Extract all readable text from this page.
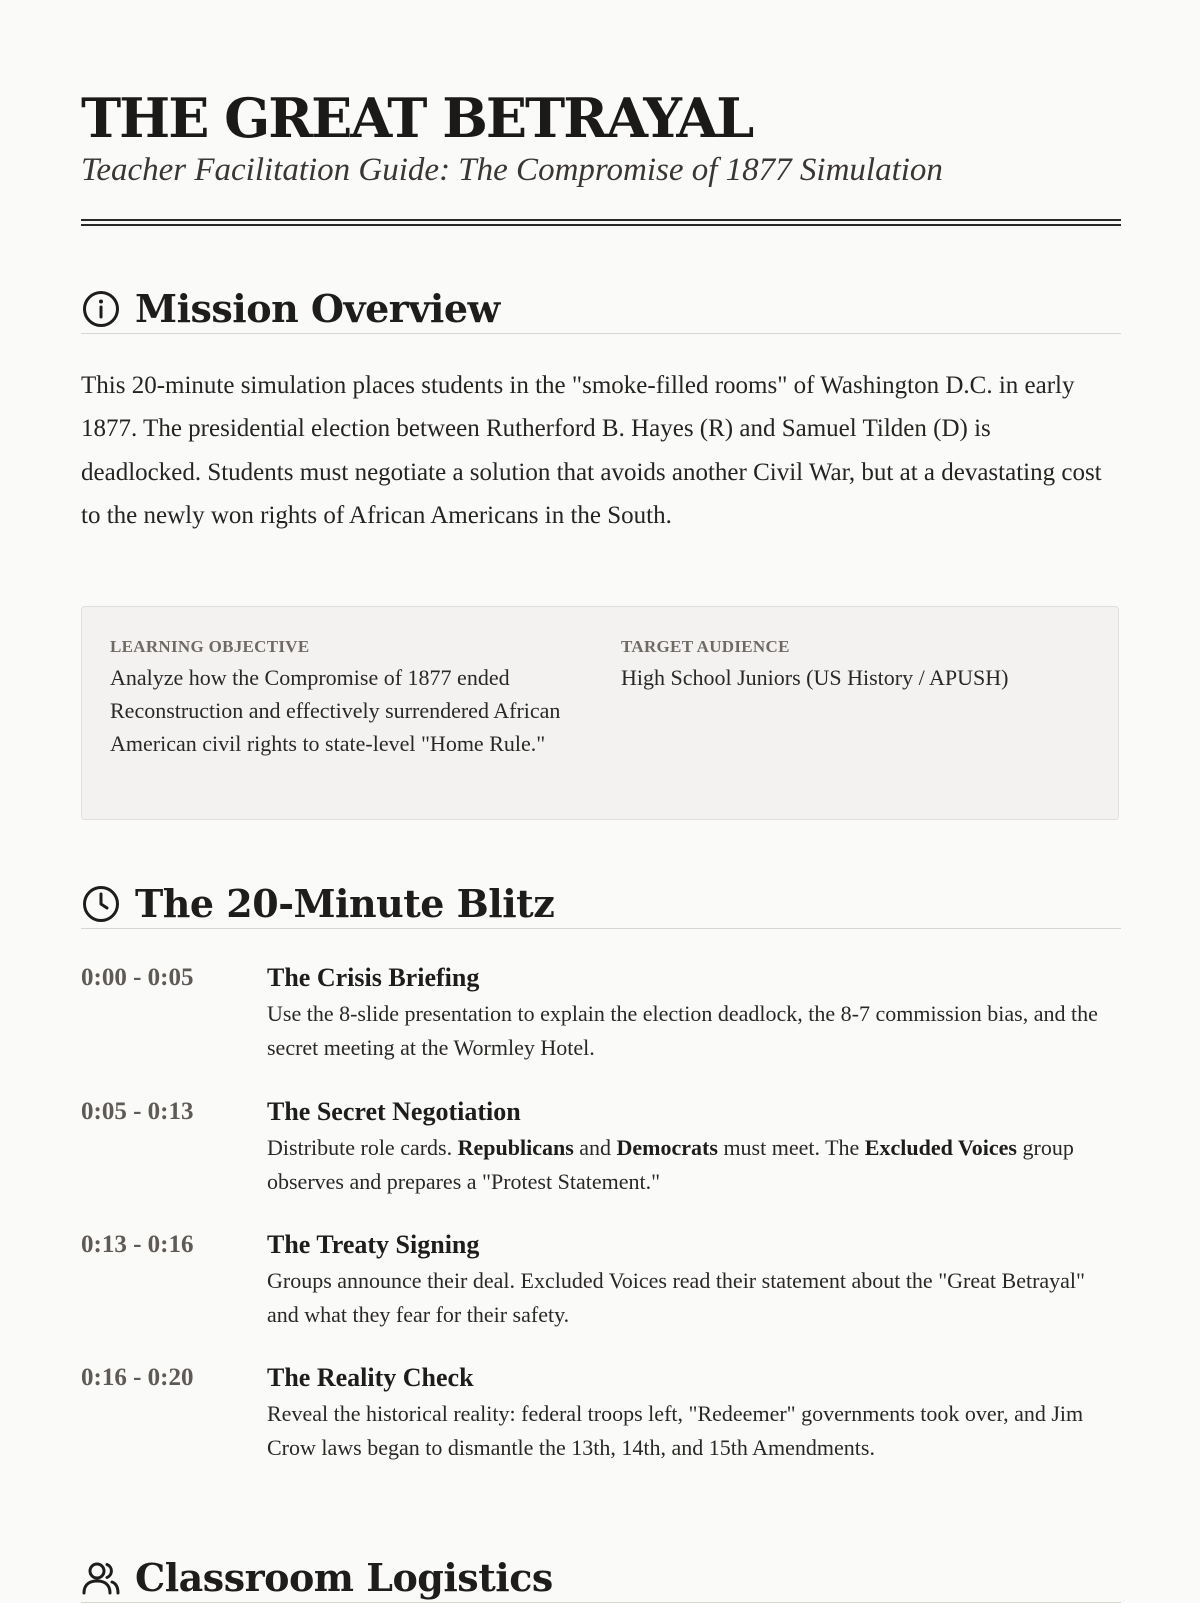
THE GREAT BETRAYAL
Teacher Facilitation Guide: The Compromise of 1877 Simulation
Mission Overview

This 20-minute simulation places students in the "smoke-filled rooms" of Washington D.C. in early 1877. The presidential election between Rutherford B. Hayes (R) and Samuel Tilden (D) is deadlocked. Students must negotiate a solution that avoids another Civil War, but at a devastating cost to the newly won rights of African Americans in the South.

LEARNING OBJECTIVE
Analyze how the Compromise of 1877 ended Reconstruction and effectively surrendered African American civil rights to state-level "Home Rule."
TARGET AUDIENCE
High School Juniors (US History / APUSH)
The 20-Minute Blitz
0:00 - 0:05	The Crisis Briefing
Use the 8-slide presentation to explain the election deadlock, the 8-7 commission bias, and the secret meeting at the Wormley Hotel.
0:05 - 0:13	The Secret Negotiation
Distribute role cards. Republicans and Democrats must meet. The Excluded Voices group observes and prepares a "Protest Statement."
0:13 - 0:16	The Treaty Signing
Groups announce their deal. Excluded Voices read their statement about the "Great Betrayal" and what they fear for their safety.
0:16 - 0:20	The Reality Check
Reveal the historical reality: federal troops left, "Redeemer" governments took over, and Jim Crow laws began to dismantle the 13th, 14th, and 15th Amendments.
Classroom Logistics
